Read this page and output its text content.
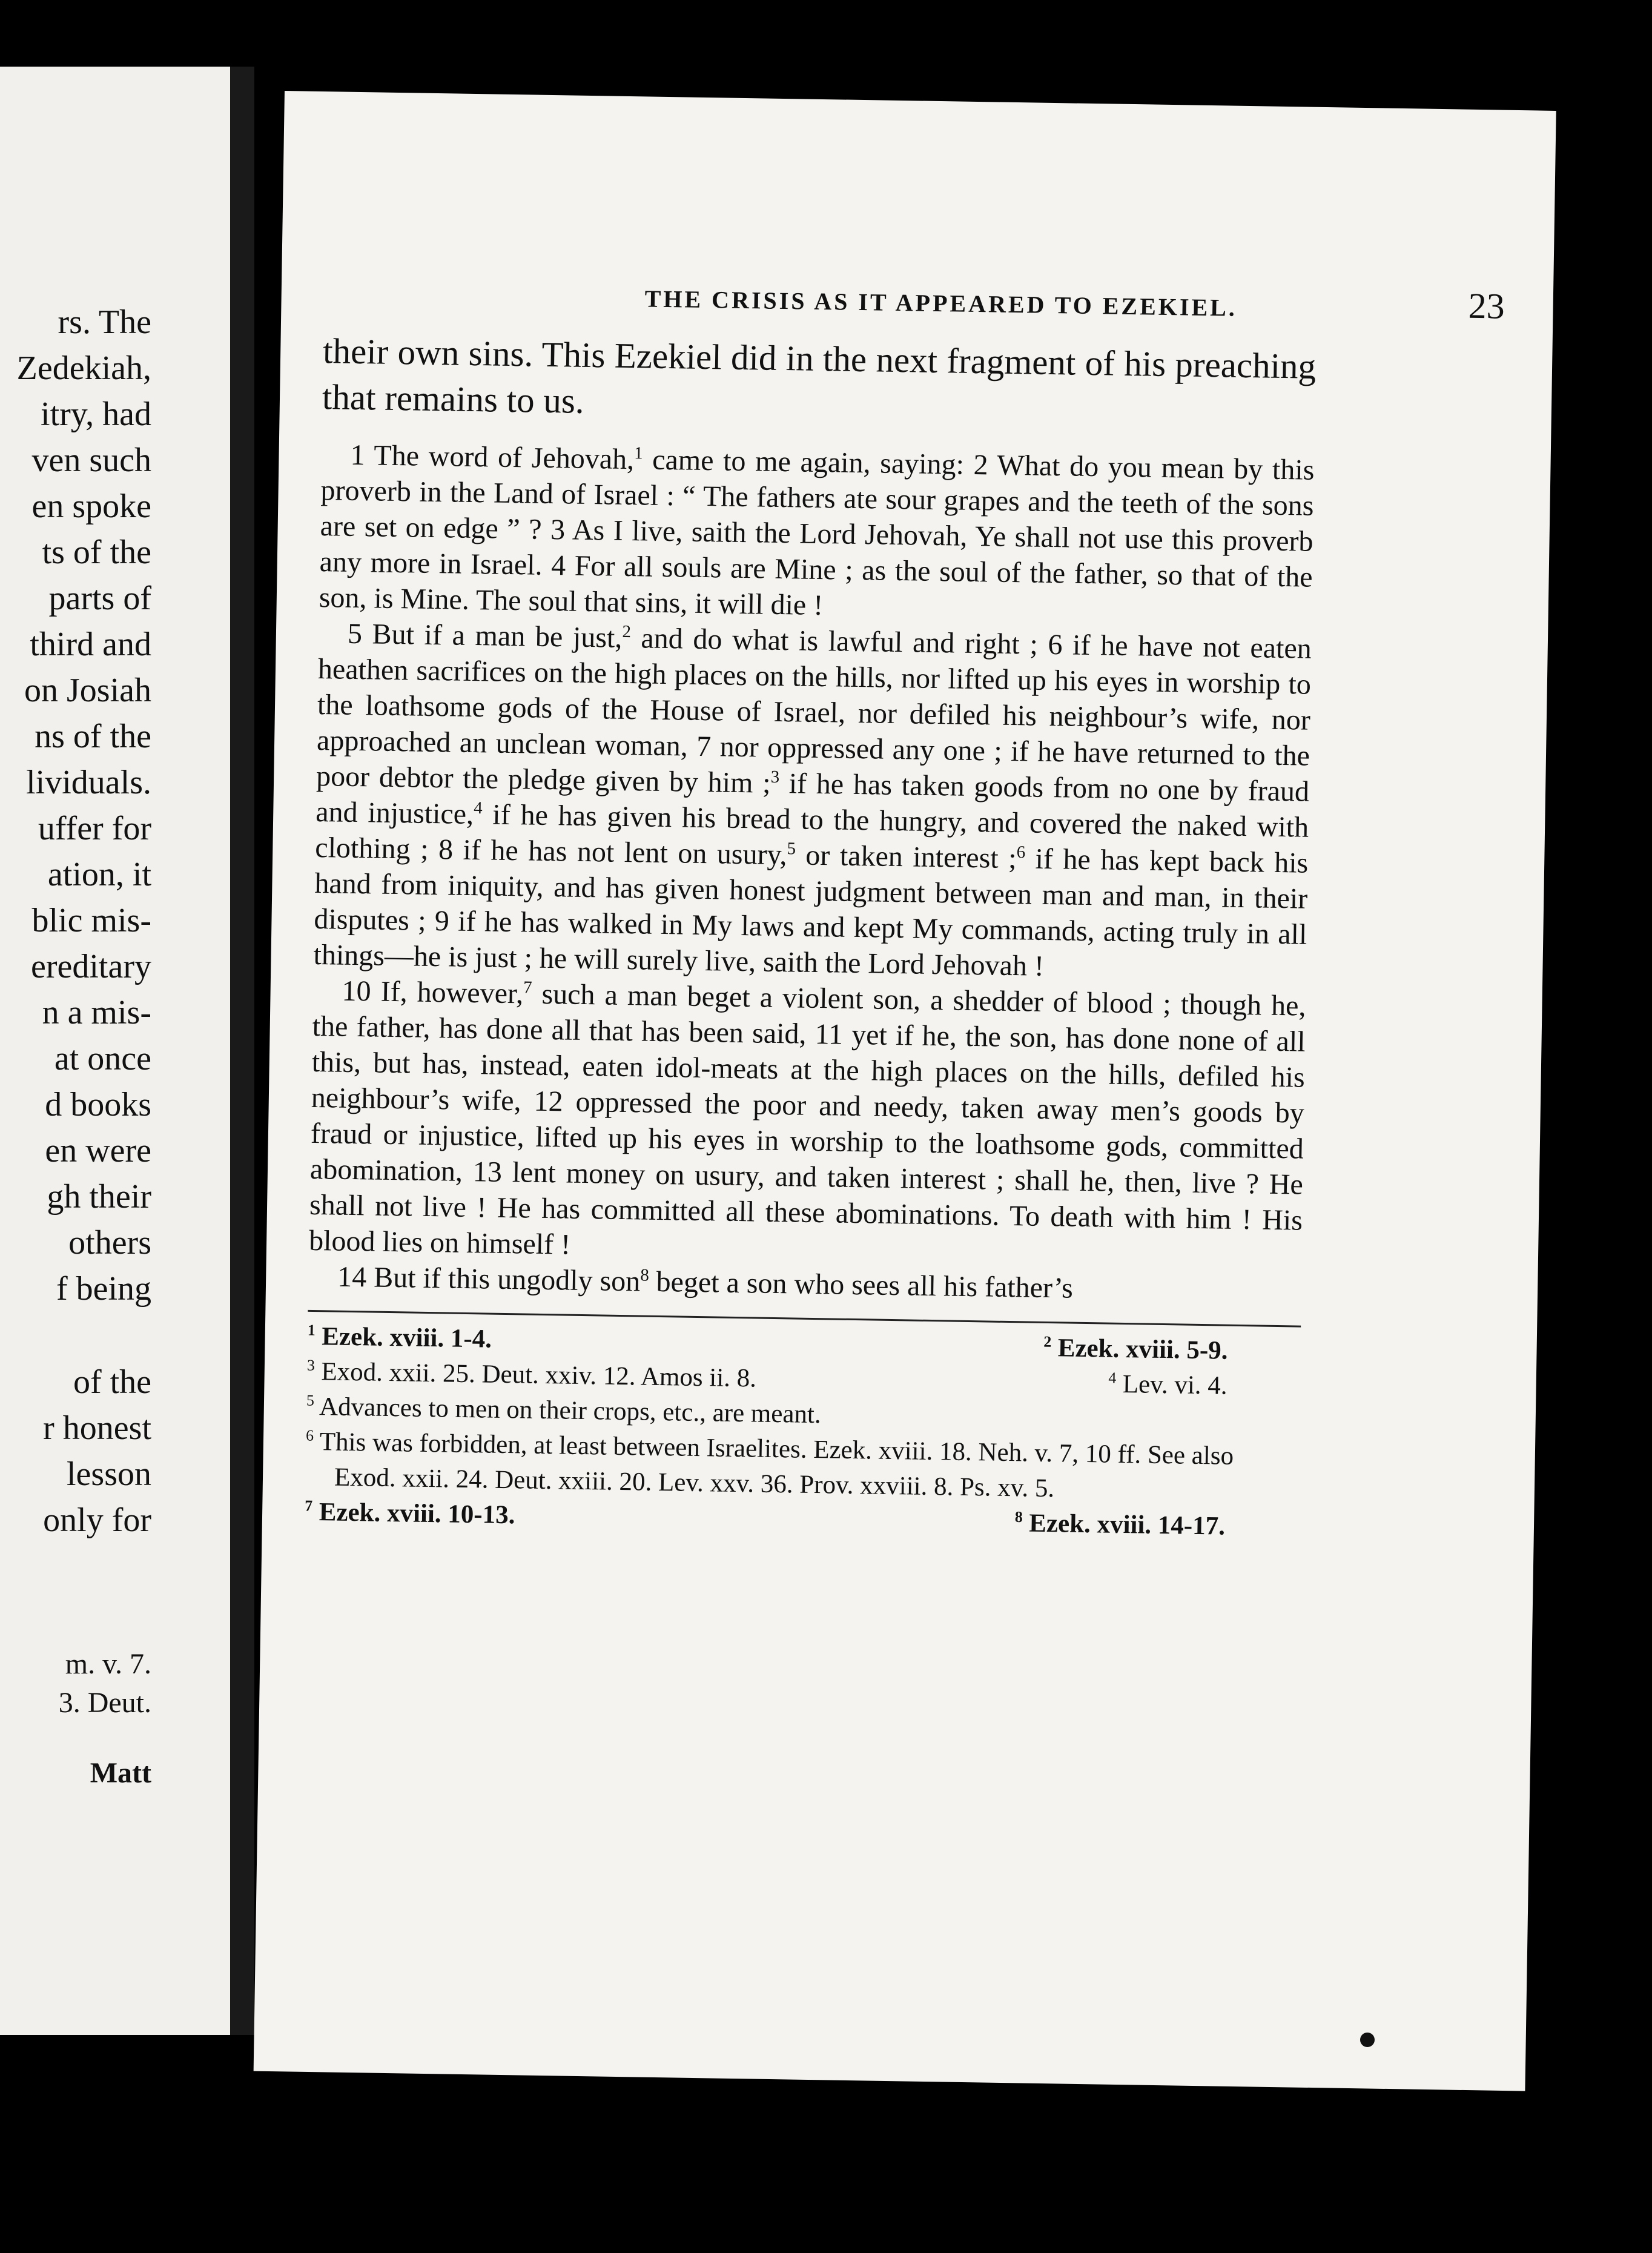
rs. The

Zedekiah,

itry, had

ven such

en spoke

ts of the

parts of

third and

on Josiah

ns of the

lividuals.

uffer for

ation, it

blic mis-

ereditary

n a mis-

at once

d books

en were

gh their

others

f being

of the

r honest

lesson

only for

m. v. 7.

3. Deut.

Matt

THE CRISIS AS IT APPEARED TO EZEKIEL.	23

their own sins. This Ezekiel did in the next fragment of his preaching that remains to us.

1 The word of Jehovah,$^1$ came to me again, saying: 2 What do you mean by this proverb in the Land of Israel : “ The fathers ate sour grapes and the teeth of the sons are set on edge ” ? 3 As I live, saith the Lord Jehovah, Ye shall not use this proverb any more in Israel. 4 For all souls are Mine ; as the soul of the father, so that of the son, is Mine. The soul that sins, it will die !

5 But if a man be just,$^2$ and do what is lawful and right ; 6 if he have not eaten heathen sacrifices on the high places on the hills, nor lifted up his eyes in worship to the loathsome gods of the House of Israel, nor defiled his neighbour’s wife, nor approached an unclean woman, 7 nor oppressed any one ; if he have returned to the poor debtor the pledge given by him ;$^3$ if he has taken goods from no one by fraud and injustice,$^4$ if he has given his bread to the hungry, and covered the naked with clothing ; 8 if he has not lent on usury,$^5$ or taken interest ;$^6$ if he has kept back his hand from iniquity, and has given honest judgment between man and man, in their disputes ; 9 if he has walked in My laws and kept My commands, acting truly in all things—he is just ; he will surely live, saith the Lord Jehovah !

10 If, however,$^7$ such a man beget a violent son, a shedder of blood ; though he, the father, has done all that has been said, 11 yet if he, the son, has done none of all this, but has, instead, eaten idol-meats at the high places on the hills, defiled his neighbour’s wife, 12 oppressed the poor and needy, taken away men’s goods by fraud or injustice, lifted up his eyes in worship to the loathsome gods, committed abomination, 13 lent money on usury, and taken interest ; shall he, then, live ? He shall not live ! He has committed all these abominations. To death with him ! His blood lies on himself !

14 But if this ungodly son$^8$ beget a son who sees all his father’s

$^1$ Ezek. xviii. 1-4.	$^2$ Ezek. xviii. 5-9.
$^3$ Exod. xxii. 25. Deut. xxiv. 12. Amos ii. 8.	$^4$ Lev. vi. 4.

$^5$ Advances to men on their crops, etc., are meant.

$^6$ This was forbidden, at least between Israelites. Ezek. xviii. 18. Neh. v. 7, 10 ff. See also Exod. xxii. 24. Deut. xxiii. 20. Lev. xxv. 36. Prov. xxviii. 8. Ps. xv. 5.

$^7$ Ezek. xviii. 10-13.	$^8$ Ezek. xviii. 14-17.
